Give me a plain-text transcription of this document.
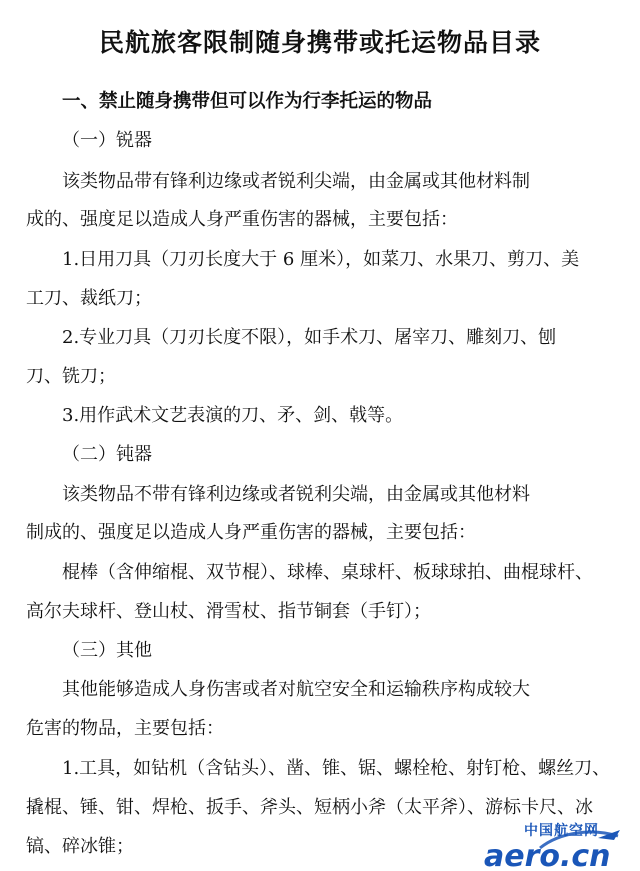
民航旅客限制随身携带或托运物品目录
一、禁止随身携带但可以作为行李托运的物品
（一）锐器
该类物品带有锋利边缘或者锐利尖端，由金属或其他材料制
成的、强度足以造成人身严重伤害的器械，主要包括：
1.日用刀具（刀刃长度大于 6 厘米），如菜刀、水果刀、剪刀、美
工刀、裁纸刀；
2.专业刀具（刀刃长度不限），如手术刀、屠宰刀、雕刻刀、刨
刀、铣刀；
3.用作武术文艺表演的刀、矛、剑、戟等。
（二）钝器
该类物品不带有锋利边缘或者锐利尖端，由金属或其他材料
制成的、强度足以造成人身严重伤害的器械，主要包括：
棍棒（含伸缩棍、双节棍）、球棒、桌球杆、板球球拍、曲棍球杆、
高尔夫球杆、登山杖、滑雪杖、指节铜套（手钉）；
（三）其他
其他能够造成人身伤害或者对航空安全和运输秩序构成较大
危害的物品，主要包括：
1.工具，如钻机（含钻头）、凿、锥、锯、螺栓枪、射钉枪、螺丝刀、
撬棍、锤、钳、焊枪、扳手、斧头、短柄小斧（太平斧）、游标卡尺、冰
镐、碎冰锥；
中国航空网
aero.cn
